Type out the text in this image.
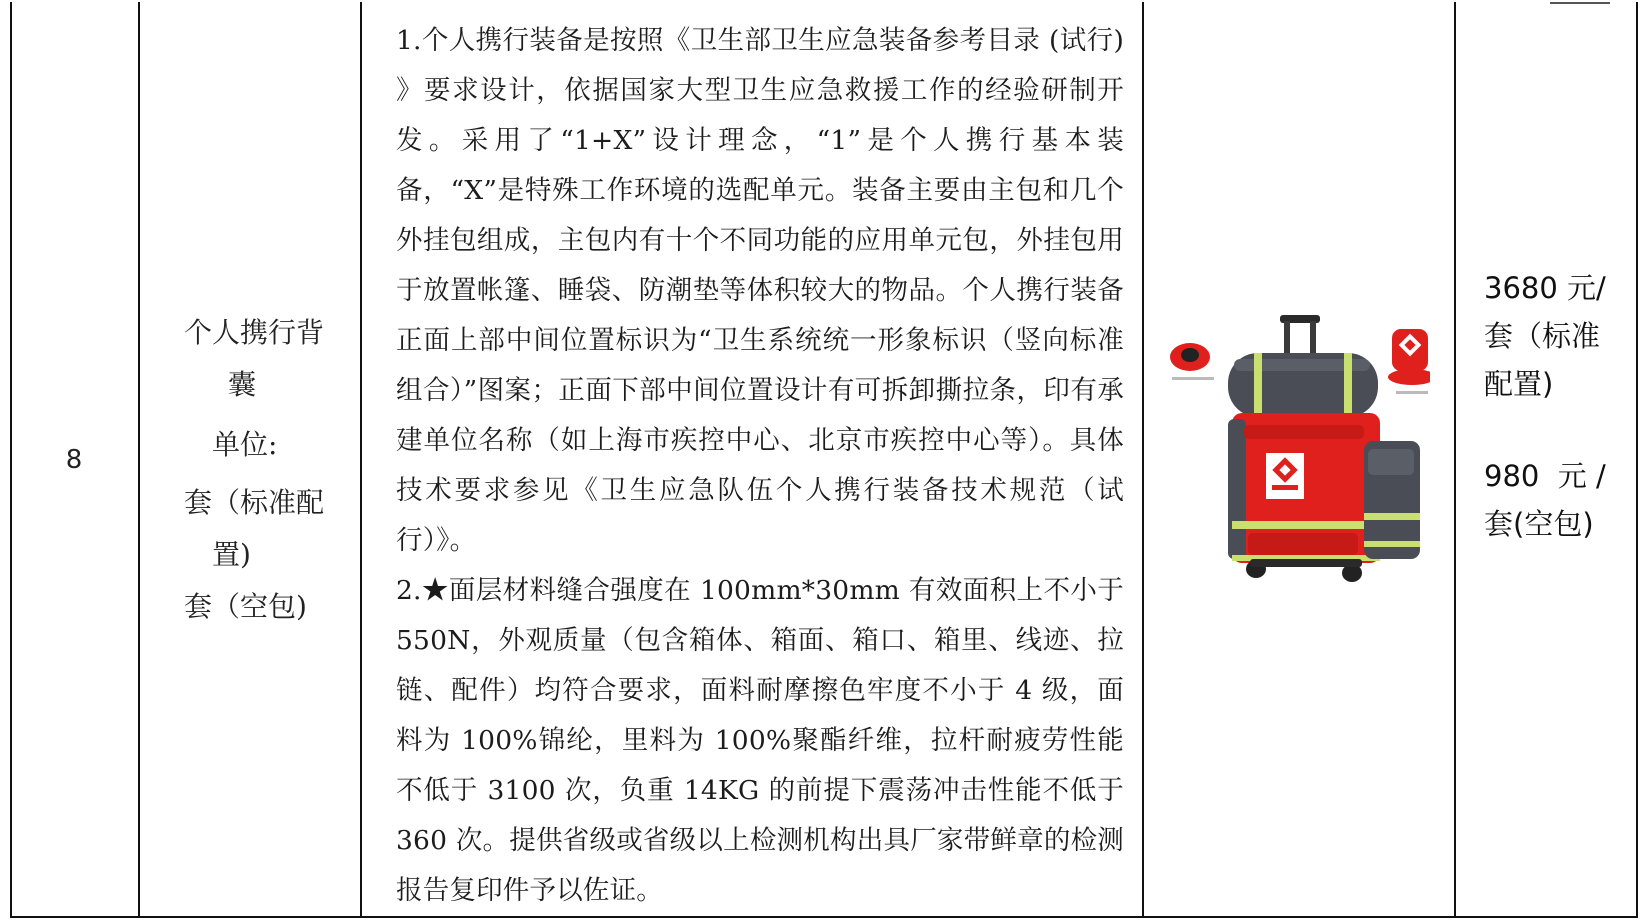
8
个人携行背
囊
单位:
套（标准配
置)
套（空包)

1.个人携行装备是按照《卫生部卫生应急装备参考目录 (试行) 》要求设计，依据国家大型卫生应急救援工作的经验研制开发。采用了“1+X”设计理念，“1”是个人携行基本装备，“X”是特殊工作环境的选配单元。装备主要由主包和几个外挂包组成，主包内有十个不同功能的应用单元包，外挂包用于放置帐篷、睡袋、防潮垫等体积较大的物品。个人携行装备正面上部中间位置标识为“卫生系统统一形象标识（竖向标准组合）”图案；正面下部中间位置设计有可拆卸撕拉条，印有承建单位名称（如上海市疾控中心、北京市疾控中心等）。具体技术要求参见《卫生应急队伍个人携行装备技术规范（试行）》。

2.★面层材料缝合强度在 100mm*30mm 有效面积上不小于 550N，外观质量（包含箱体、箱面、箱口、箱里、线迹、拉链、配件）均符合要求，面料耐摩擦色牢度不小于 4 级，面料为 100%锦纶，里料为 100%聚酯纤维，拉杆耐疲劳性能不低于 3100 次，负重 14KG 的前提下震荡冲击性能不低于 360 次。提供省级或省级以上检测机构出具厂家带鲜章的检测报告复印件予以佐证。

3680 元/
套（标准
配置)
980  元 /
套(空包)
